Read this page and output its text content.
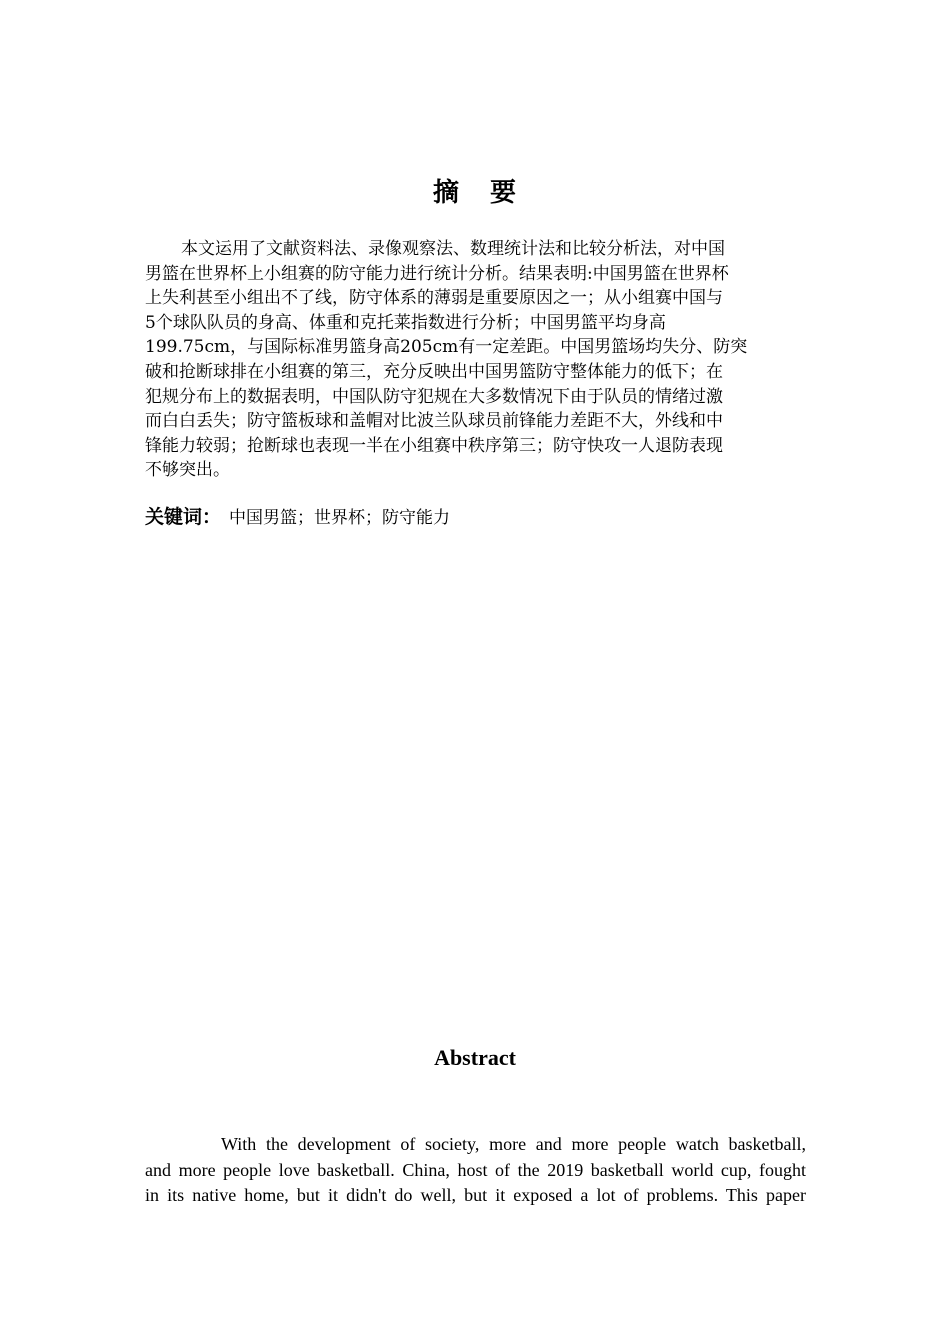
摘 要
本文运用了文献资料法、录像观察法、数理统计法和比较分析法，对中国
男篮在世界杯上小组赛的防守能力进行统计分析。结果表明:中国男篮在世界杯
上失利甚至小组出不了线，防守体系的薄弱是重要原因之一；从小组赛中国与
5个球队队员的身高、体重和克托莱指数进行分析；中国男篮平均身高
199.75cm，与国际标准男篮身高205cm有一定差距。中国男篮场均失分、防突
破和抢断球排在小组赛的第三，充分反映出中国男篮防守整体能力的低下；在
犯规分布上的数据表明，中国队防守犯规在大多数情况下由于队员的情绪过激
而白白丢失；防守篮板球和盖帽对比波兰队球员前锋能力差距不大，外线和中
锋能力较弱；抢断球也表现一半在小组赛中秩序第三；防守快攻一人退防表现
不够突出。
关键词： 中国男篮；世界杯；防守能力
Abstract
With the development of society, more and more people watch basketball,
and more people love basketball. China, host of the 2019 basketball world cup, fought
in its native home, but it didn't do well, but it exposed a lot of problems. This paper
